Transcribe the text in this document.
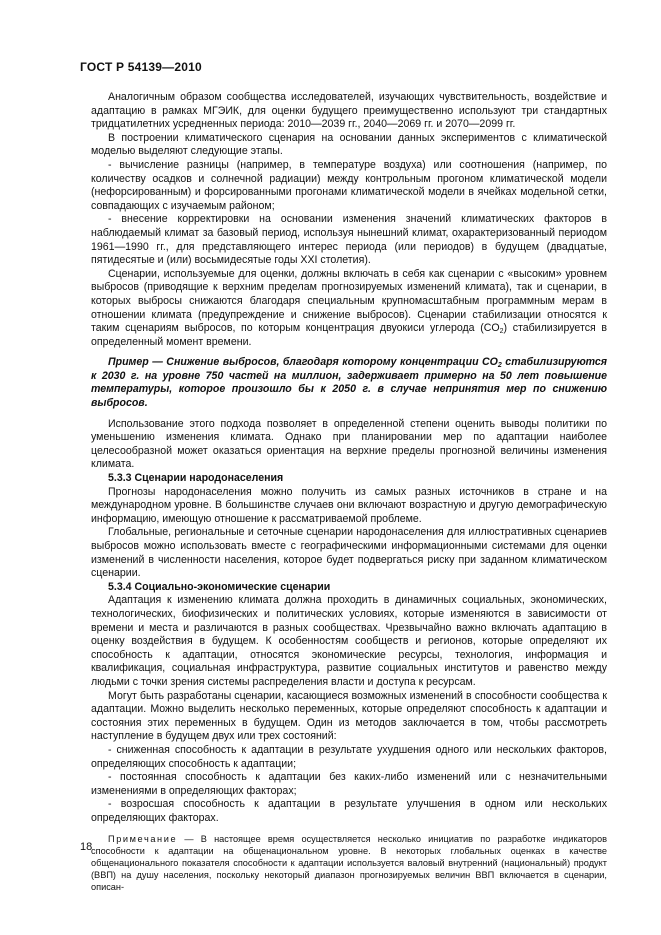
ГОСТ Р 54139—2010

Аналогичным образом сообщества исследователей, изучающих чувствительность, воздействие и адаптацию в рамках МГЭИК, для оценки будущего преимущественно используют три стандартных тридцатилетних усредненных периода: 2010—2039 гг., 2040—2069 гг. и 2070—2099 гг.

В построении климатического сценария на основании данных экспериментов с климатической моделью выделяют следующие этапы.

- вычисление разницы (например, в температуре воздуха) или соотношения (например, по количеству осадков и солнечной радиации) между контрольным прогоном климатической модели (нефорсированным) и форсированными прогонами климатической модели в ячейках модельной сетки, совпадающих с изучаемым районом;

- внесение корректировки на основании изменения значений климатических факторов в наблюдаемый климат за базовый период, используя нынешний климат, охарактеризованный периодом 1961—1990 гг., для представляющего интерес периода (или периодов) в будущем (двадцатые, пятидесятые и (или) восьмидесятые годы XXI столетия).

Сценарии, используемые для оценки, должны включать в себя как сценарии с «высоким» уровнем выбросов (приводящие к верхним пределам прогнозируемых изменений климата), так и сценарии, в которых выбросы снижаются благодаря специальным крупномасштабным программным мерам в отношении климата (предупреждение и снижение выбросов). Сценарии стабилизации относятся к таким сценариям выбросов, по которым концентрация двуокиси углерода $(CO_2)$ стабилизируется в определенный момент времени.

Пример — Снижение выбросов, благодаря которому концентрации $CO_2$ стабилизируются к 2030 г. на уровне 750 частей на миллион, задерживает примерно на 50 лет повышение температуры, которое произошло бы к 2050 г. в случае непринятия мер по снижению выбросов.

Использование этого подхода позволяет в определенной степени оценить выводы политики по уменьшению изменения климата. Однако при планировании мер по адаптации наиболее целесообразной может оказаться ориентация на верхние пределы прогнозной величины изменения климата.

5.3.3 Сценарии народонаселения

Прогнозы народонаселения можно получить из самых разных источников в стране и на международном уровне. В большинстве случаев они включают возрастную и другую демографическую информацию, имеющую отношение к рассматриваемой проблеме.

Глобальные, региональные и сеточные сценарии народонаселения для иллюстративных сценариев выбросов можно использовать вместе с географическими информационными системами для оценки изменений в численности населения, которое будет подвергаться риску при заданном климатическом сценарии.

5.3.4 Социально-экономические сценарии

Адаптация к изменению климата должна проходить в динамичных социальных, экономических, технологических, биофизических и политических условиях, которые изменяются в зависимости от времени и места и различаются в разных сообществах. Чрезвычайно важно включать адаптацию в оценку воздействия в будущем. К особенностям сообществ и регионов, которые определяют их способность к адаптации, относятся экономические ресурсы, технология, информация и квалификация, социальная инфраструктура, развитие социальных институтов и равенство между людьми с точки зрения системы распределения власти и доступа к ресурсам.

Могут быть разработаны сценарии, касающиеся возможных изменений в способности сообщества к адаптации. Можно выделить несколько переменных, которые определяют способность к адаптации и состояния этих переменных в будущем. Один из методов заключается в том, чтобы рассмотреть наступление в будущем двух или трех состояний:

- сниженная способность к адаптации в результате ухудшения одного или нескольких факторов, определяющих способность к адаптации;

- постоянная способность к адаптации без каких-либо изменений или с незначительными изменениями в определяющих факторах;

- возросшая способность к адаптации в результате улучшения в одном или нескольких определяющих факторах.

Примечание — В настоящее время осуществляется несколько инициатив по разработке индикаторов способности к адаптации на общенациональном уровне. В некоторых глобальных оценках в качестве общенационального показателя способности к адаптации используется валовый внутренний (национальный) продукт (ВВП) на душу населения, поскольку некоторый диапазон прогнозируемых величин ВВП включается в сценарии, описан-

18
